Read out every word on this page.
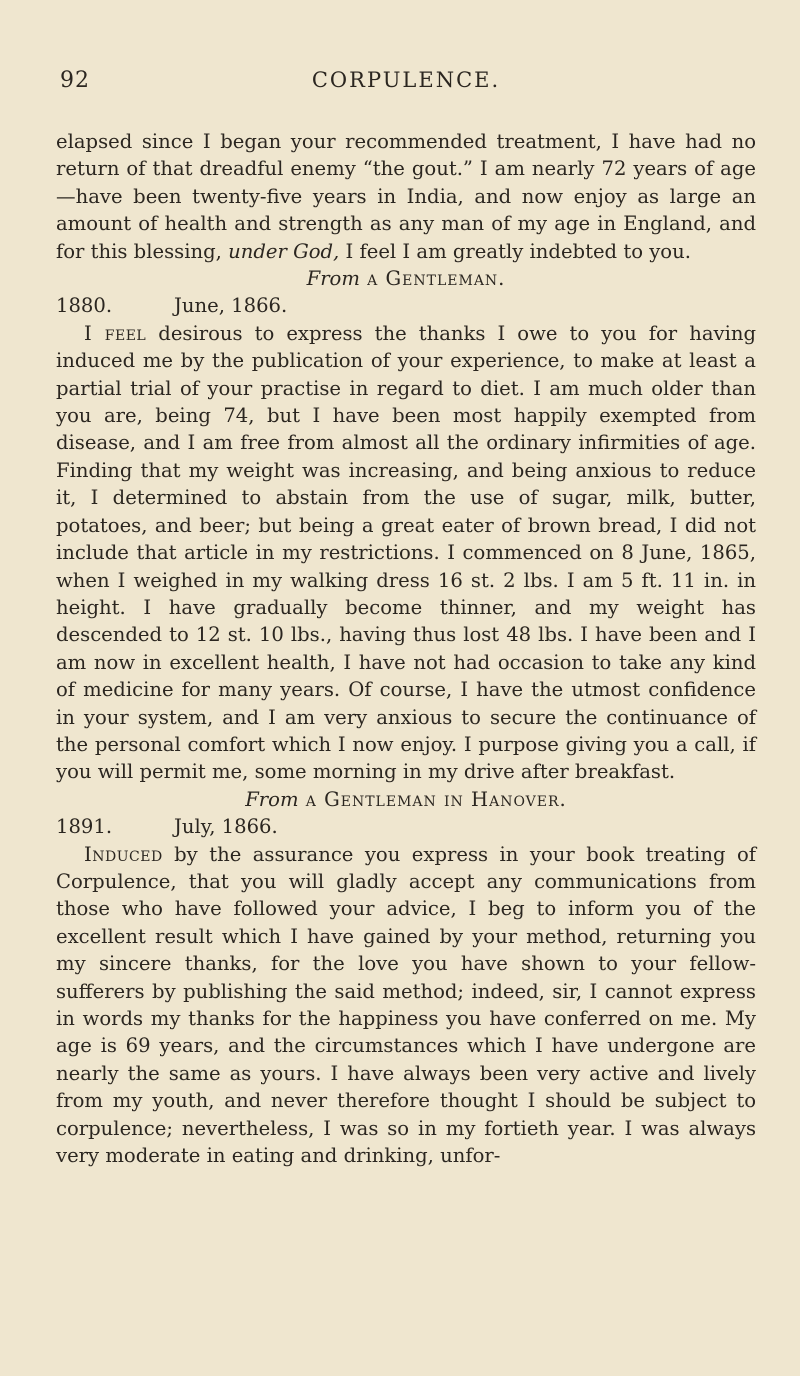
92	CORPULENCE.

elapsed since I began your recommended treatment, I have had no return of that dreadful enemy “the gout.” I am nearly 72 years of age—have been twenty-five years in India, and now enjoy as large an amount of health and strength as any man of my age in England, and for this blessing, under God, I feel I am greatly indebted to you.

From a Gentleman.

1880.	June, 1866.

I feel desirous to express the thanks I owe to you for having induced me by the publication of your experience, to make at least a partial trial of your practise in regard to diet. I am much older than you are, being 74, but I have been most happily exempted from disease, and I am free from almost all the ordinary infirmities of age. Finding that my weight was increasing, and being anxious to reduce it, I determined to abstain from the use of sugar, milk, butter, potatoes, and beer; but being a great eater of brown bread, I did not include that article in my restrictions. I commenced on 8 June, 1865, when I weighed in my walking dress 16 st. 2 lbs. I am 5 ft. 11 in. in height. I have gradually become thinner, and my weight has descended to 12 st. 10 lbs., having thus lost 48 lbs. I have been and I am now in excellent health, I have not had occasion to take any kind of medicine for many years. Of course, I have the utmost confidence in your system, and I am very anxious to secure the continuance of the personal comfort which I now enjoy. I purpose giving you a call, if you will permit me, some morning in my drive after breakfast.

From a Gentleman in Hanover.

1891.	July, 1866.

Induced by the assurance you express in your book treating of Corpulence, that you will gladly accept any communications from those who have followed your advice, I beg to inform you of the excellent result which I have gained by your method, returning you my sincere thanks, for the love you have shown to your fellow-sufferers by publishing the said method; indeed, sir, I cannot express in words my thanks for the happiness you have conferred on me. My age is 69 years, and the circumstances which I have undergone are nearly the same as yours. I have always been very active and lively from my youth, and never therefore thought I should be subject to corpulence; nevertheless, I was so in my fortieth year. I was always very moderate in eating and drinking, unfor-
